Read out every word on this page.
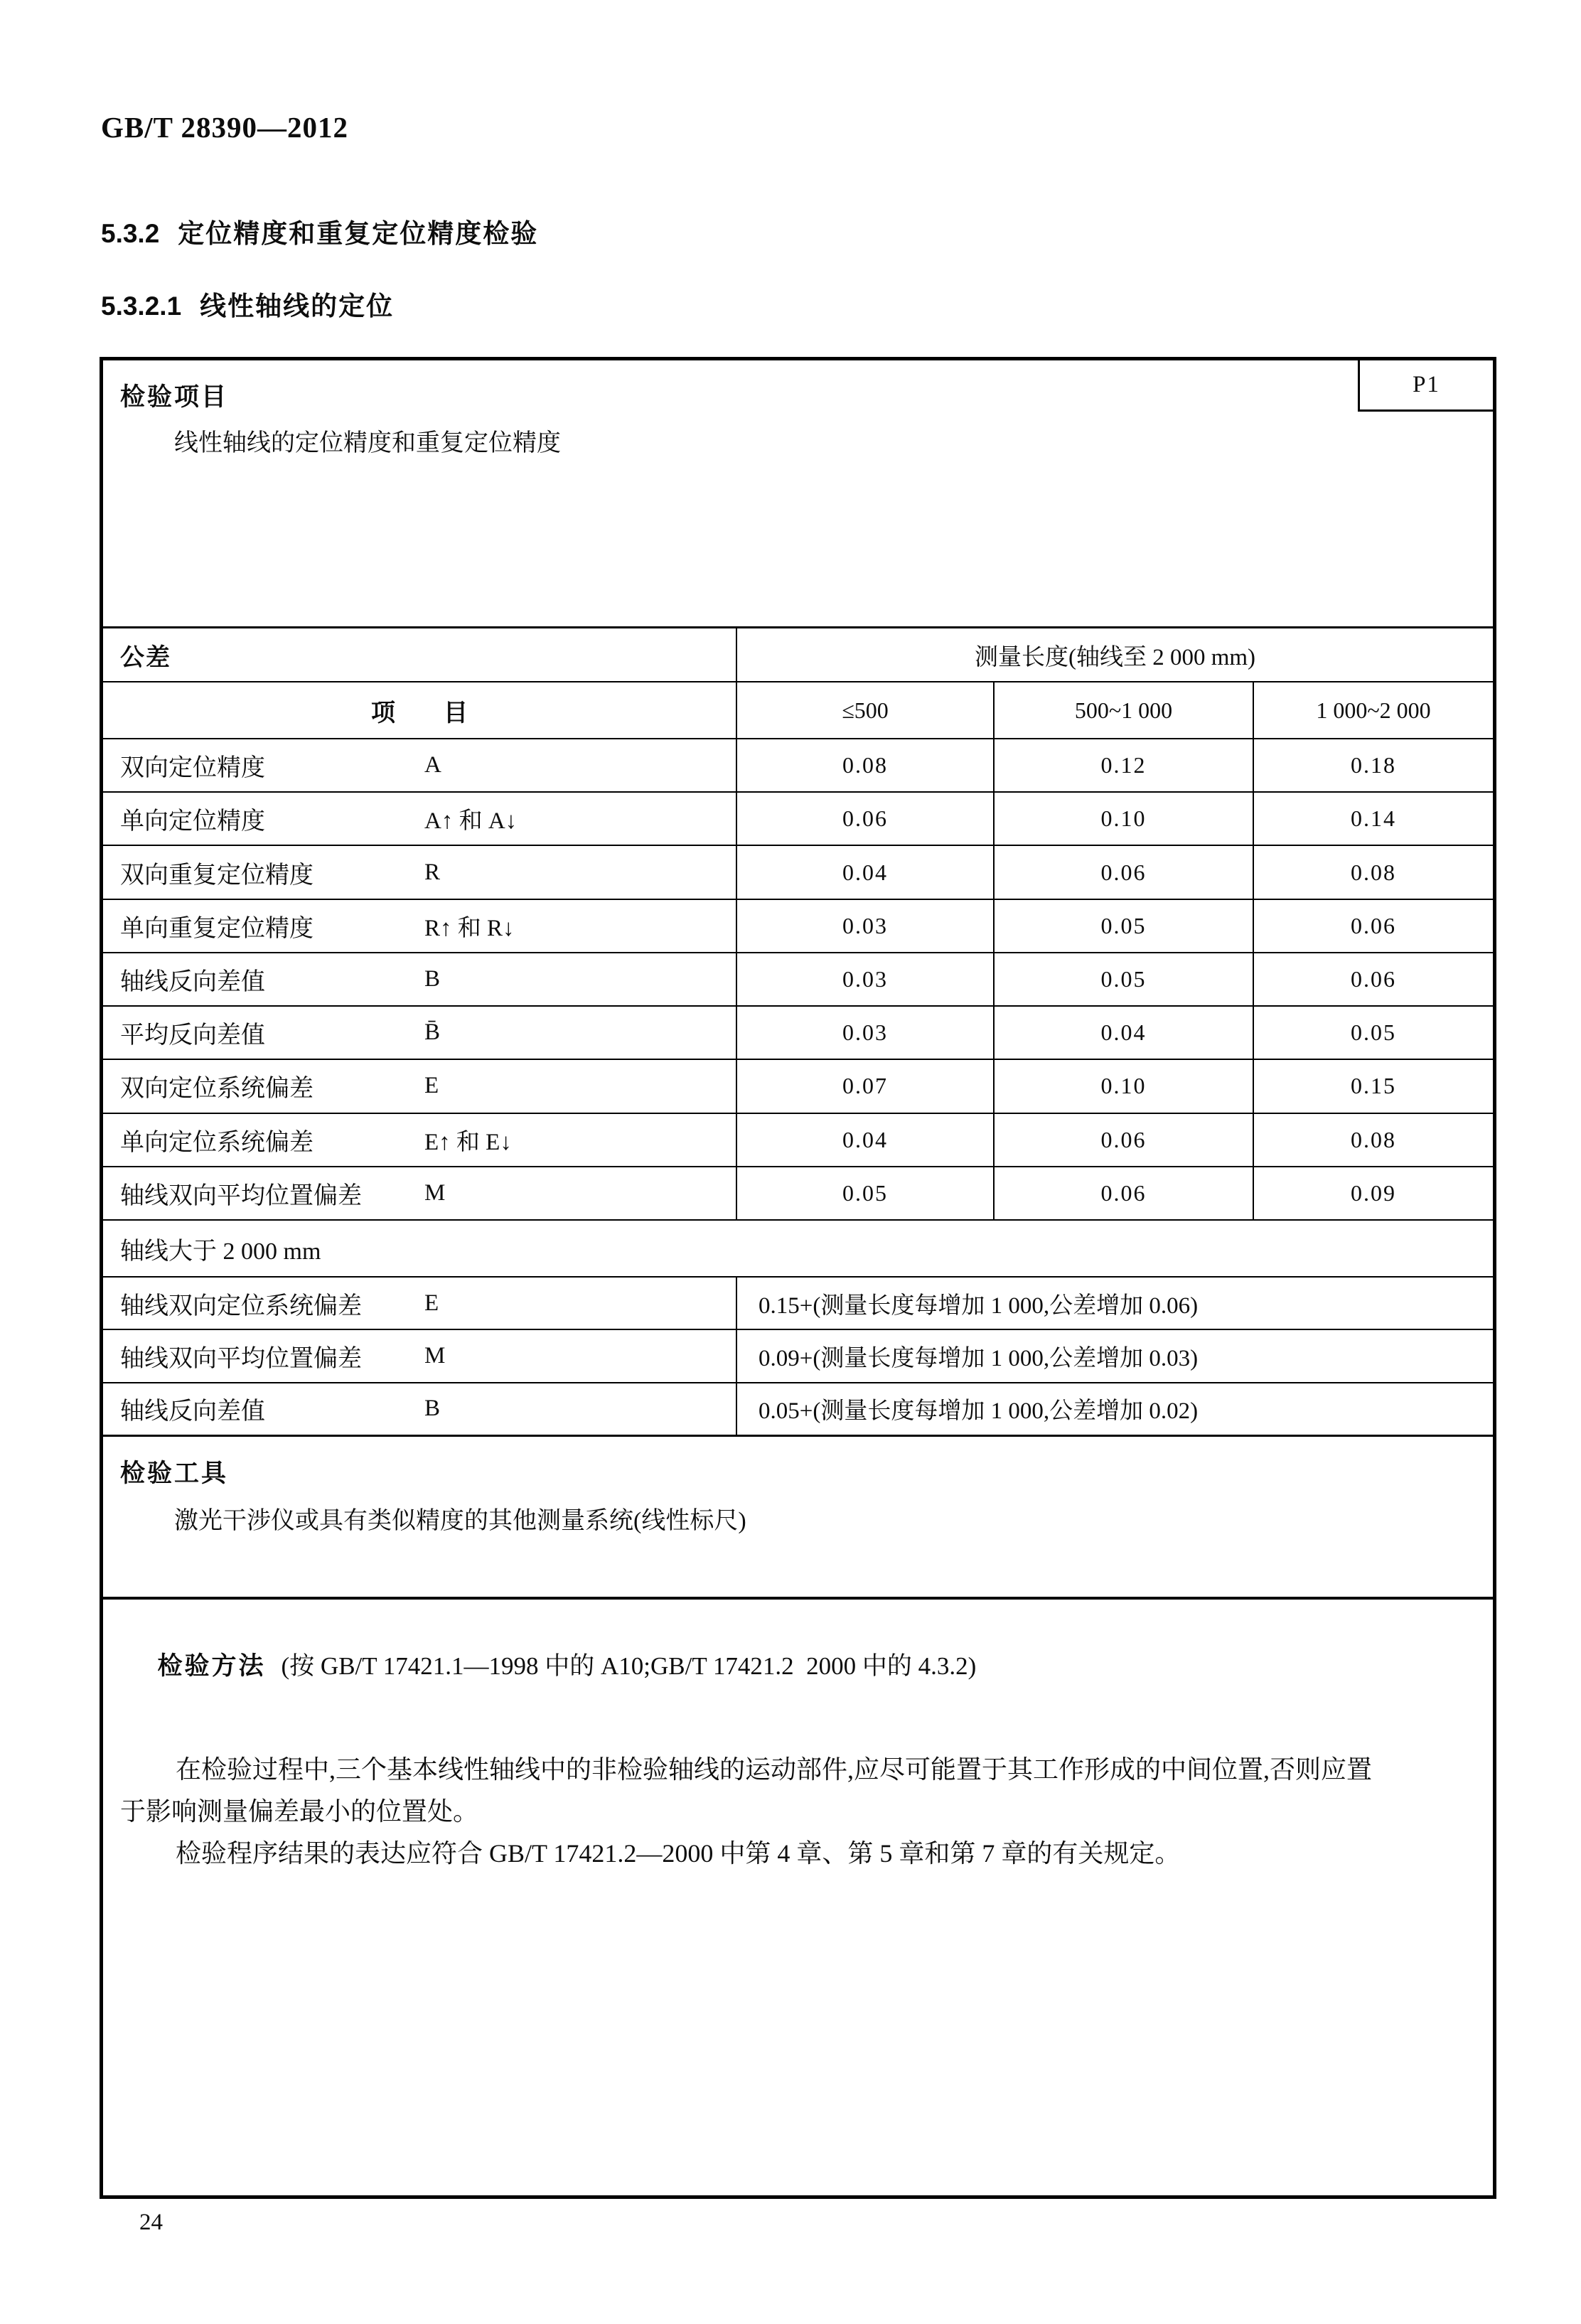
GB/T 28390—2012
5.3.2 定位精度和重复定位精度检验
5.3.2.1 线性轴线的定位
检验项目	P1
线性轴线的定位精度和重复定位精度
公差	测量长度(轴线至 2 000 mm)
项　　目	≤500	500~1 000	1 000~2 000
双向定位精度	A	0.08	0.12	0.18
单向定位精度	A↑ 和 A↓	0.06	0.10	0.14
双向重复定位精度	R	0.04	0.06	0.08
单向重复定位精度	R↑ 和 R↓	0.03	0.05	0.06
轴线反向差值	B	0.03	0.05	0.06
平均反向差值	B̄	0.03	0.04	0.05
双向定位系统偏差	E	0.07	0.10	0.15
单向定位系统偏差	E↑ 和 E↓	0.04	0.06	0.08
轴线双向平均位置偏差	M	0.05	0.06	0.09
轴线大于 2 000 mm
轴线双向定位系统偏差	E	0.15+(测量长度每增加 1 000,公差增加 0.06)
轴线双向平均位置偏差	M	0.09+(测量长度每增加 1 000,公差增加 0.03)
轴线反向差值	B	0.05+(测量长度每增加 1 000,公差增加 0.02)
检验工具
激光干涉仪或具有类似精度的其他测量系统(线性标尺)

检验方法 (按 GB/T 17421.1—1998 中的 A10;GB/T 17421.2  2000 中的 4.3.2)

在检验过程中,三个基本线性轴线中的非检验轴线的运动部件,应尽可能置于其工作形成的中间位置,否则应置
于影响测量偏差最小的位置处。
检验程序结果的表达应符合 GB/T 17421.2—2000 中第 4 章、第 5 章和第 7 章的有关规定。
24
